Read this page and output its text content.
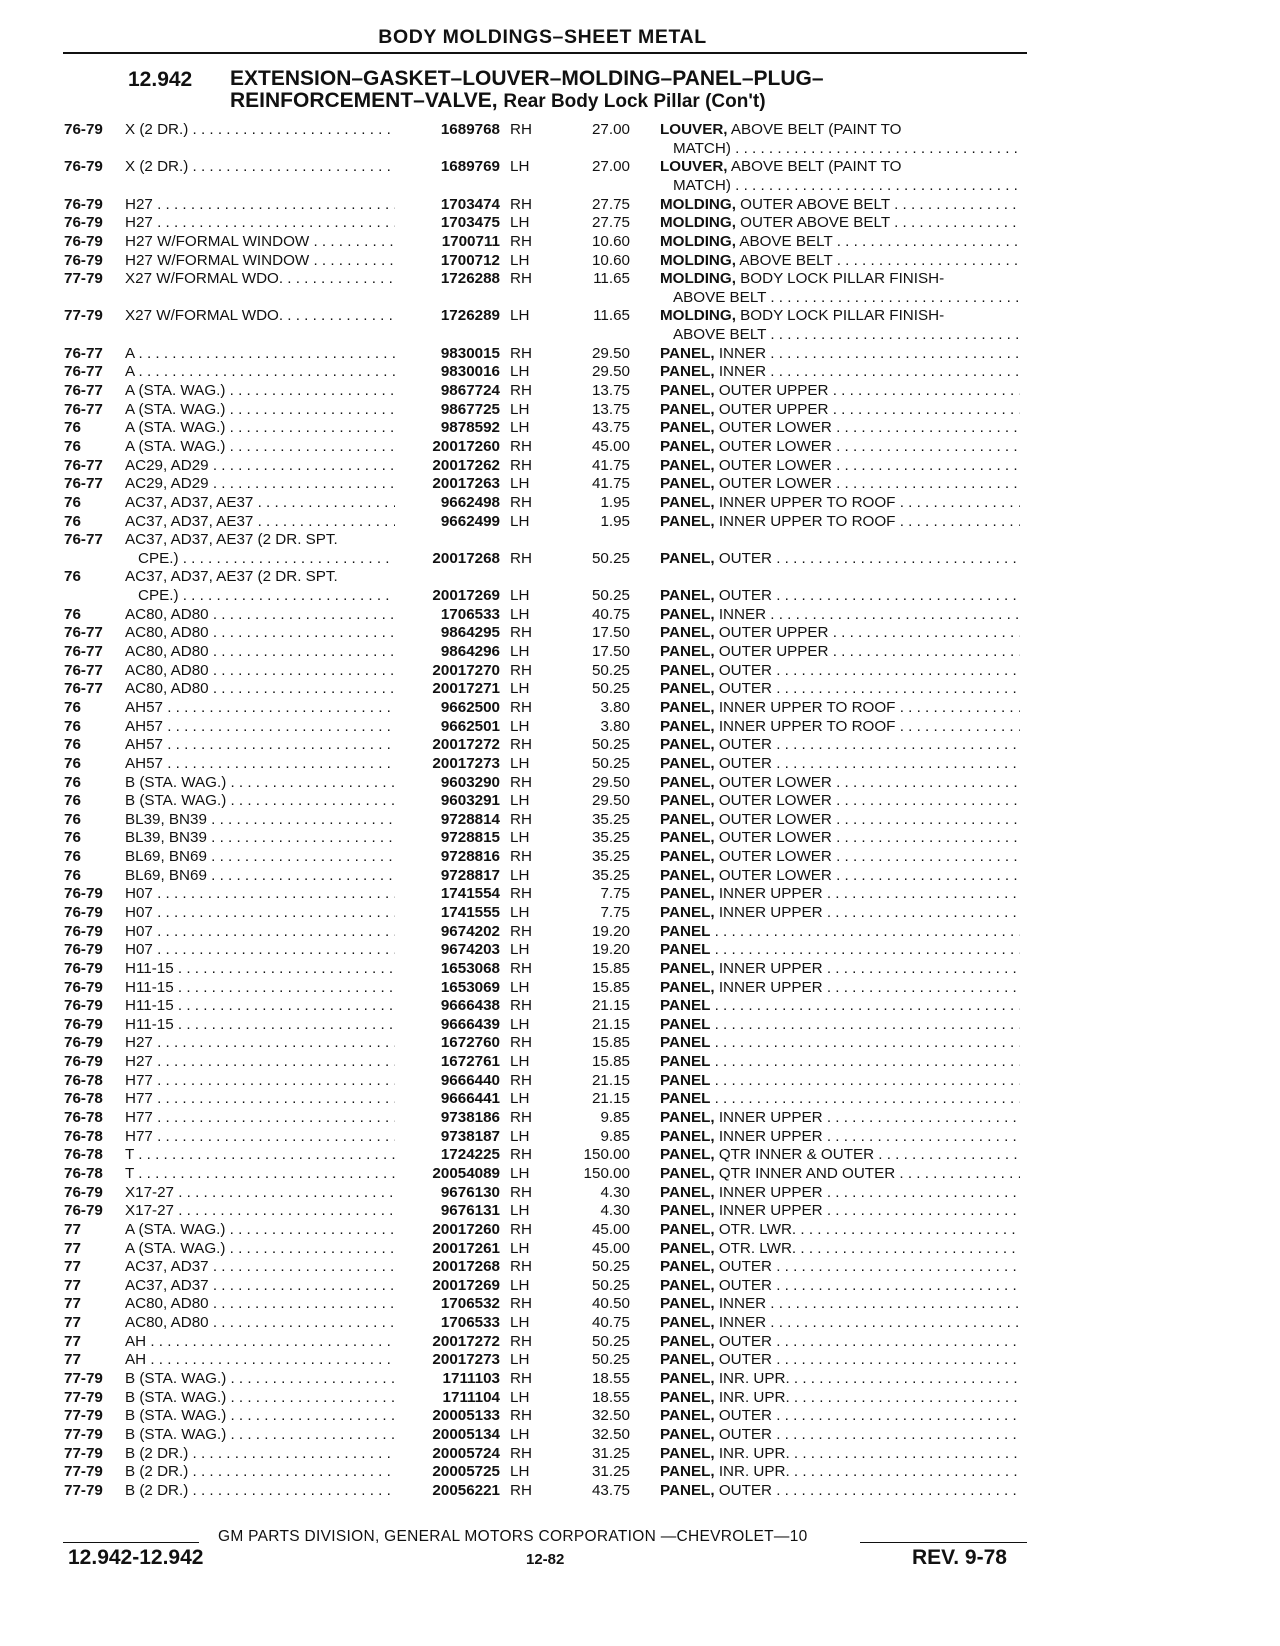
BODY MOLDINGS–SHEET METAL
12.942 EXTENSION–GASKET–LOUVER–MOLDING–PANEL–PLUG–
REINFORCEMENT–VALVE, Rear Body Lock Pillar (Con't)
76-79 X (2 DR.) . . .	1689768 RH	27.00 LOUVER, ABOVE BELT (PAINT TO
MATCH) . . .
76-79 X (2 DR.) . . .	1689769 LH	27.00 LOUVER, ABOVE BELT (PAINT TO
MATCH) . . .
76-79 H27 . . .	1703474 RH	27.75 MOLDING, OUTER ABOVE BELT . . .
76-79 H27 . . .	1703475 LH	27.75 MOLDING, OUTER ABOVE BELT . . .
76-79 H27 W/FORMAL WINDOW . . .	1700711 RH	10.60 MOLDING, ABOVE BELT . . .
76-79 H27 W/FORMAL WINDOW . . .	1700712 LH	10.60 MOLDING, ABOVE BELT . . .
77-79 X27 W/FORMAL WDO. . . .	1726288 RH	11.65 MOLDING, BODY LOCK PILLAR FINISH-
ABOVE BELT . . .
77-79 X27 W/FORMAL WDO. . . .	1726289 LH	11.65 MOLDING, BODY LOCK PILLAR FINISH-
ABOVE BELT . . .
76-77 A . . .	9830015 RH	29.50 PANEL, INNER . . .
76-77 A . . .	9830016 LH	29.50 PANEL, INNER . . .
76-77 A (STA. WAG.) . . .	9867724 RH	13.75 PANEL, OUTER UPPER . . .
76-77 A (STA. WAG.) . . .	9867725 LH	13.75 PANEL, OUTER UPPER . . .
76	A (STA. WAG.) . . .	9878592 LH	43.75 PANEL, OUTER LOWER . . .
76	A (STA. WAG.) . . .	20017260 RH	45.00 PANEL, OUTER LOWER . . .
76-77 AC29, AD29 . . .	20017262 RH	41.75 PANEL, OUTER LOWER . . .
76-77 AC29, AD29 . . .	20017263 LH	41.75 PANEL, OUTER LOWER . . .
76	AC37, AD37, AE37 . . .	9662498 RH	1.95 PANEL, INNER UPPER TO ROOF . . .
76	AC37, AD37, AE37 . . .	9662499 LH	1.95 PANEL, INNER UPPER TO ROOF . . .
76-77 AC37, AD37, AE37 (2 DR. SPT.
CPE.) . . .	20017268 RH	50.25 PANEL, OUTER . . .
76	AC37, AD37, AE37 (2 DR. SPT.
CPE.) . . .	20017269 LH	50.25 PANEL, OUTER . . .
76	AC80, AD80 . . .	1706533 LH	40.75 PANEL, INNER . . .
76-77 AC80, AD80 . . .	9864295 RH	17.50 PANEL, OUTER UPPER . . .
76-77 AC80, AD80 . . .	9864296 LH	17.50 PANEL, OUTER UPPER . . .
76-77 AC80, AD80 . . .	20017270 RH	50.25 PANEL, OUTER . . .
76-77 AC80, AD80 . . .	20017271 LH	50.25 PANEL, OUTER . . .
76	AH57 . . .	9662500 RH	3.80 PANEL, INNER UPPER TO ROOF . . .
76	AH57 . . .	9662501 LH	3.80 PANEL, INNER UPPER TO ROOF . . .
76	AH57 . . .	20017272 RH	50.25 PANEL, OUTER . . .
76	AH57 . . .	20017273 LH	50.25 PANEL, OUTER . . .
76	B (STA. WAG.) . . .	9603290 RH	29.50 PANEL, OUTER LOWER . . .
76	B (STA. WAG.) . . .	9603291 LH	29.50 PANEL, OUTER LOWER . . .
76	BL39, BN39 . . .	9728814 RH	35.25 PANEL, OUTER LOWER . . .
76	BL39, BN39 . . .	9728815 LH	35.25 PANEL, OUTER LOWER . . .
76	BL69, BN69 . . .	9728816 RH	35.25 PANEL, OUTER LOWER . . .
76	BL69, BN69 . . .	9728817 LH	35.25 PANEL, OUTER LOWER . . .
76-79 H07 . . .	1741554 RH	7.75 PANEL, INNER UPPER . . .
76-79 H07 . . .	1741555 LH	7.75 PANEL, INNER UPPER . . .
76-79 H07 . . .	9674202 RH	19.20 PANEL . . .
76-79 H07 . . .	9674203 LH	19.20 PANEL . . .
76-79 H11-15 . . .	1653068 RH	15.85 PANEL, INNER UPPER . . .
76-79 H11-15 . . .	1653069 LH	15.85 PANEL, INNER UPPER . . .
76-79 H11-15 . . .	9666438 RH	21.15 PANEL . . .
76-79 H11-15 . . .	9666439 LH	21.15 PANEL . . .
76-79 H27 . . .	1672760 RH	15.85 PANEL . . .
76-79 H27 . . .	1672761 LH	15.85 PANEL . . .
76-78 H77 . . .	9666440 RH	21.15 PANEL . . .
76-78 H77 . . .	9666441 LH	21.15 PANEL . . .
76-78 H77 . . .	9738186 RH	9.85 PANEL, INNER UPPER . . .
76-78 H77 . . .	9738187 LH	9.85 PANEL, INNER UPPER . . .
76-78 T . . .	1724225 RH	150.00 PANEL, QTR INNER & OUTER . . .
76-78 T . . .	20054089 LH	150.00 PANEL, QTR INNER AND OUTER . . .
76-79 X17-27 . . .	9676130 RH	4.30 PANEL, INNER UPPER . . .
76-79 X17-27 . . .	9676131 LH	4.30 PANEL, INNER UPPER . . .
77	A (STA. WAG.) . . .	20017260 RH	45.00 PANEL, OTR. LWR. . . .
77	A (STA. WAG.) . . .	20017261 LH	45.00 PANEL, OTR. LWR. . . .
77	AC37, AD37 . . .	20017268 RH	50.25 PANEL, OUTER . . .
77	AC37, AD37 . . .	20017269 LH	50.25 PANEL, OUTER . . .
77	AC80, AD80 . . .	1706532 RH	40.50 PANEL, INNER . . .
77	AC80, AD80 . . .	1706533 LH	40.75 PANEL, INNER . . .
77	AH . . .	20017272 RH	50.25 PANEL, OUTER . . .
77	AH . . .	20017273 LH	50.25 PANEL, OUTER . . .
77-79 B (STA. WAG.) . . .	1711103 RH	18.55 PANEL, INR. UPR. . . .
77-79 B (STA. WAG.) . . .	1711104 LH	18.55 PANEL, INR. UPR. . . .
77-79 B (STA. WAG.) . . .	20005133 RH	32.50 PANEL, OUTER . . .
77-79 B (STA. WAG.) . . .	20005134 LH	32.50 PANEL, OUTER . . .
77-79 B (2 DR.) . . .	20005724 RH	31.25 PANEL, INR. UPR. . . .
77-79 B (2 DR.) . . .	20005725 LH	31.25 PANEL, INR. UPR. . . .
77-79 B (2 DR.) . . .	20056221 RH	43.75 PANEL, OUTER . . .
GM PARTS DIVISION, GENERAL MOTORS CORPORATION —CHEVROLET—10
12.942-12.942	12-82	REV. 9-78
